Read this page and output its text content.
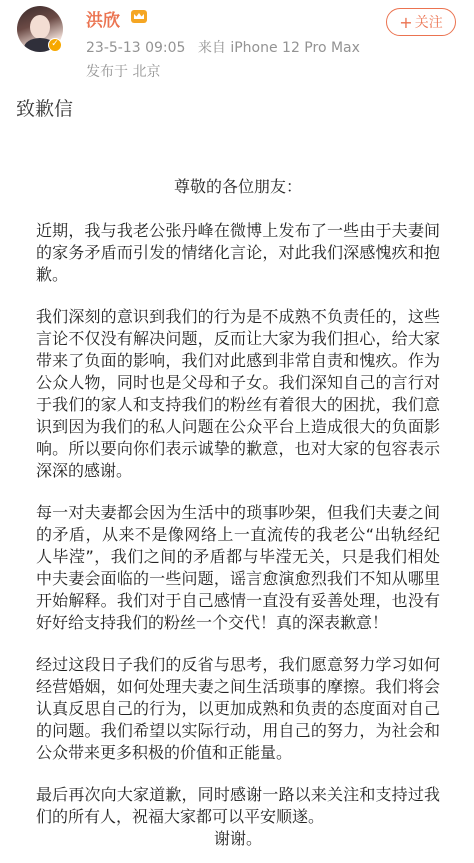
✓
洪欣
23-5-13 09:05 来自 iPhone 12 Pro Max
发布于 北京
+ 关注
致歉信
尊敬的各位朋友：

近期，我与我老公张丹峰在微博上发布了一些由于夫妻间的家务矛盾而引发的情绪化言论，对此我们深感愧疚和抱歉。

我们深刻的意识到我们的行为是不成熟不负责任的，这些言论不仅没有解决问题，反而让大家为我们担心，给大家带来了负面的影响，我们对此感到非常自责和愧疚。作为公众人物，同时也是父母和子女。我们深知自己的言行对于我们的家人和支持我们的粉丝有着很大的困扰，我们意识到因为我们的私人问题在公众平台上造成很大的负面影响。所以要向你们表示诚挚的歉意，也对大家的包容表示深深的感谢。

每一对夫妻都会因为生活中的琐事吵架，但我们夫妻之间的矛盾，从来不是像网络上一直流传的我老公“出轨经纪人毕滢”，我们之间的矛盾都与毕滢无关，只是我们相处中夫妻会面临的一些问题，谣言愈演愈烈我们不知从哪里开始解释。我们对于自己感情一直没有妥善处理，也没有好好给支持我们的粉丝一个交代！真的深表歉意！

经过这段日子我们的反省与思考，我们愿意努力学习如何经营婚姻，如何处理夫妻之间生活琐事的摩擦。我们将会认真反思自己的行为，以更加成熟和负责的态度面对自己的问题。我们希望以实际行动，用自己的努力，为社会和公众带来更多积极的价值和正能量。

最后再次向大家道歉，同时感谢一路以来关注和支持过我们的所有人，祝福大家都可以平安顺遂。

谢谢。
